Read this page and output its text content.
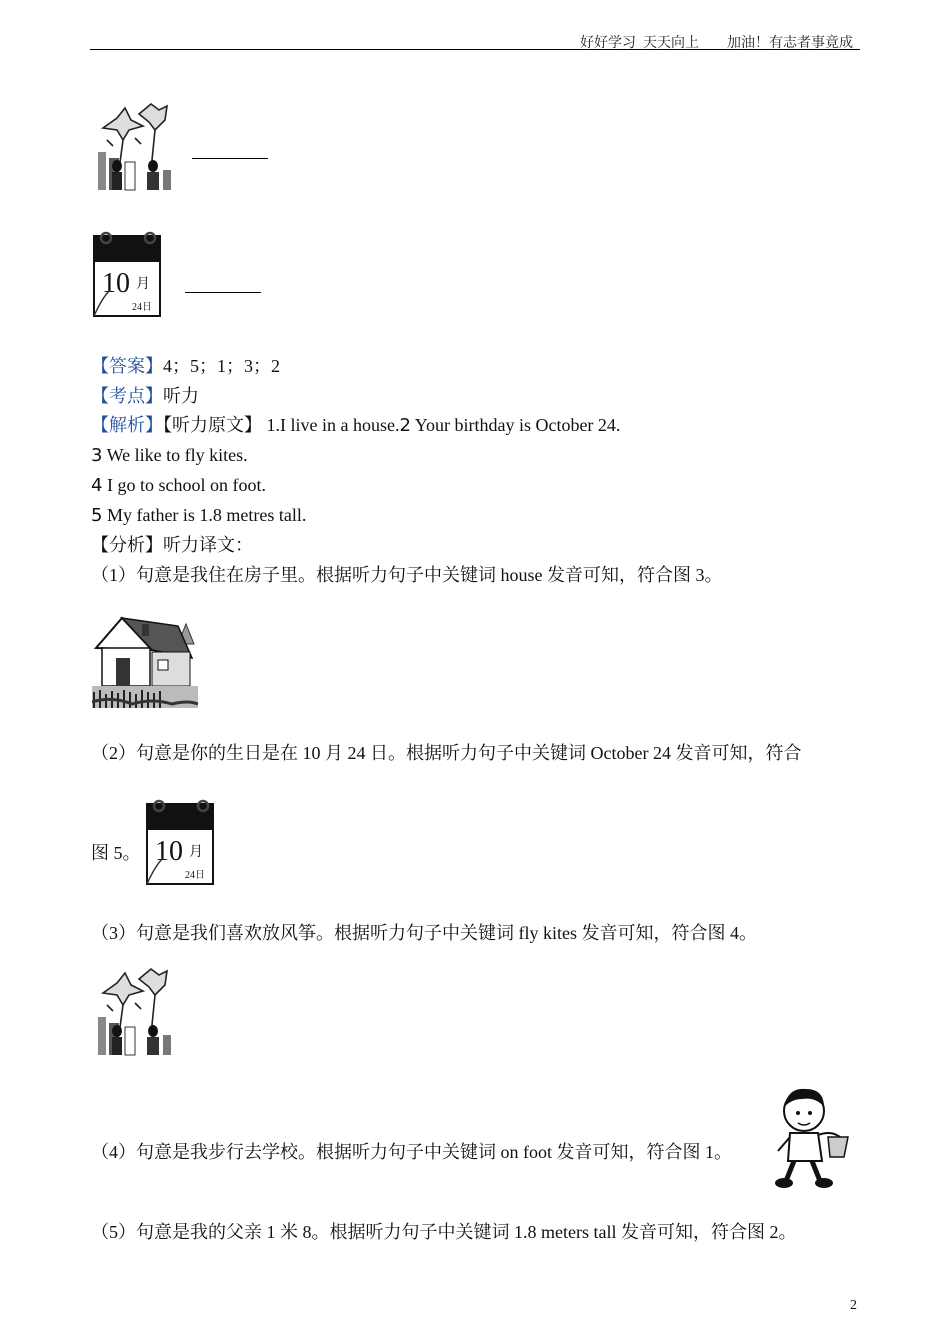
好好学习  天天向上 加油！有志者事竟成
10 月
24日
【答案】4；5；1；3；2
【考点】听力
【解析】【听力原文】 1.I live in a house.2 Your birthday is October 24.
3 We like to fly kites.
4 I go to school on foot.
5 My father is 1.8 metres tall.
【分析】听力译文：
（1）句意是我住在房子里。根据听力句子中关键词 house 发音可知，符合图 3。
（2）句意是你的生日是在 10 月 24 日。根据听力句子中关键词 October 24 发音可知，符合
图 5。 10 月
24日
（3）句意是我们喜欢放风筝。根据听力句子中关键词 fly kites 发音可知，符合图 4。
（4）句意是我步行去学校。根据听力句子中关键词 on foot 发音可知，符合图 1。
（5）句意是我的父亲 1 米 8。根据听力句子中关键词 1.8 meters tall 发音可知，符合图 2。
2
